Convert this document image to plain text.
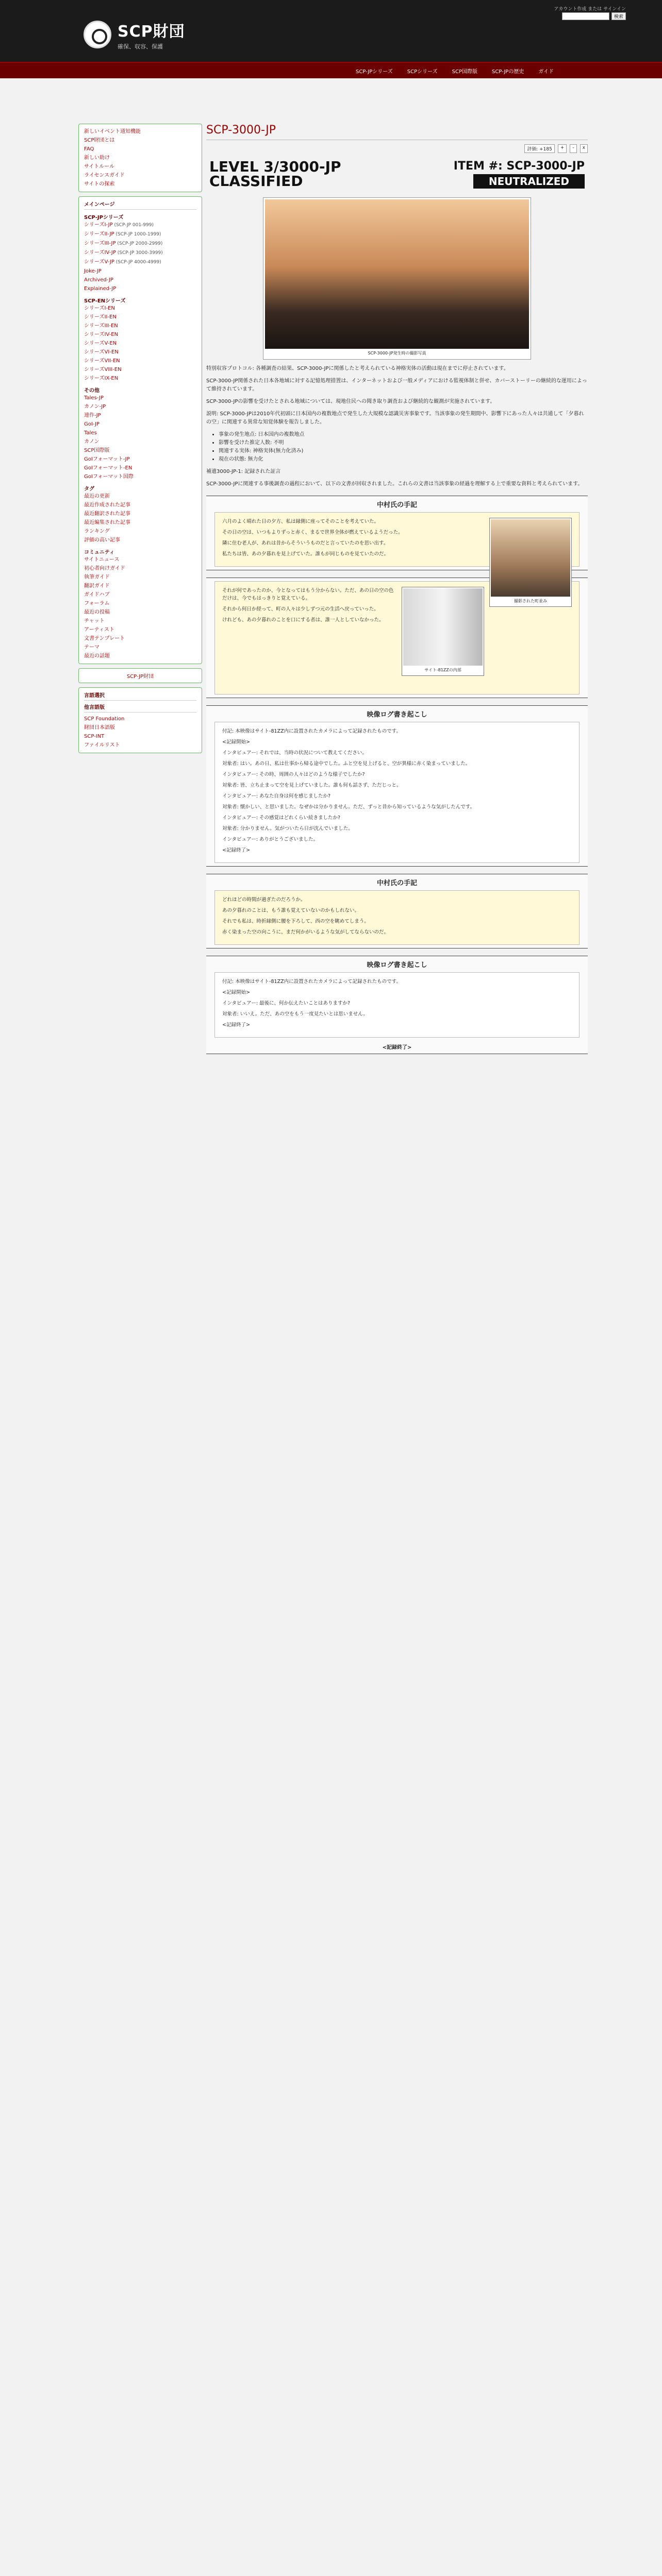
SCP財団
確保、収容、保護
アカウント作成 または サインイン
検索
SCP-JPシリーズ	SCPシリーズ	SCP国際版	SCP-JPの歴史	ガイド
新しいイベント通知機能
SCP財団とは
FAQ
新しい助け
サイトルール
ライセンスガイド
サイトの探索
メインページ
SCP-JPシリーズ
シリーズI-JP (SCP-JP 001-999)
シリーズII-JP (SCP-JP 1000-1999)
シリーズIII-JP (SCP-JP 2000-2999)
シリーズIV-JP (SCP-JP 3000-3999)
シリーズV-JP (SCP-JP 4000-4999)
Joke-JP
Archived-JP
Explained-JP
SCP-ENシリーズ
シリーズI-EN
シリーズII-EN
シリーズIII-EN
シリーズIV-EN
シリーズV-EN
シリーズVI-EN
シリーズVII-EN
シリーズVIII-EN
シリーズIX-EN
その他
Tales-JP
カノン-JP
連作-JP
GoI-JP
Tales
カノン
SCP国際版
GoIフォーマット-JP
GoIフォーマット-EN
GoIフォーマット国際
タグ
最近の更新
最近作成された記事
最近翻訳された記事
最近編集された記事
ランキング
評価の高い記事
コミュニティ
サイトニュース
初心者向けガイド
執筆ガイド
翻訳ガイド
ガイドハブ
フォーラム
最近の投稿
チャット
アーティスト
文書テンプレート
テーマ
最近の話題
SCP-JP財団
言語選択
他言語版
SCP Foundation
財団日本語版
SCP-INT
ファイルリスト
SCP-3000-JP
評価: +185	+	-	x
LEVEL 3/3000-JP
CLASSIFIED
ITEM #: SCP-3000-JP
NEUTRALIZED
SCP-3000-JP発生時の撮影写真

特別収容プロトコル: 各種調査の結果、SCP-3000-JPに関係したと考えられている神格実体の活動は現在までに停止されています。

SCP-3000-JP関係された日本各地域に対する記憶処理措置は、インターネットおよび一般メディアにおける監視体制と併せ、カバーストーリーの継続的な運用によって維持されています。

SCP-3000-JPの影響を受けたとされる地域については、現地住民への聞き取り調査および継続的な観測が実施されています。

説明: SCP-3000-JPは2010年代初頭に日本国内の複数地点で発生した大規模な認識災害事象です。当該事象の発生期間中、影響下にあった人々は共通して「夕暮れの空」に関連する異常な知覚体験を報告しました。

• 事象の発生地点: 日本国内の複数地点
• 影響を受けた推定人数: 不明
• 関連する実体: 神格実体(無力化済み)
• 現在の状態: 無力化

補遺3000-JP-1: 記録された証言

SCP-3000-JPに関連する事後調査の過程において、以下の文書が回収されました。これらの文書は当該事象の経過を理解する上で重要な資料と考えられています。

中村氏の手記
撮影された町並み

六月のよく晴れた日の夕方、私は縁側に座ってそのことを考えていた。

その日の空は、いつもよりずっと赤く、まるで世界全体が燃えているようだった。

隣に住む老人が、あれは昔からそういうものだと言っていたのを思い出す。

私たちは皆、あの夕暮れを見上げていた。誰もが同じものを見ていたのだ。

サイト-81ZZの内部

それが何であったのか、今となってはもう分からない。ただ、あの日の空の色だけは、今でもはっきりと覚えている。

それから何日か経って、町の人々は少しずつ元の生活へ戻っていった。

けれども、あの夕暮れのことを口にする者は、誰一人としていなかった。

映像ログ書き起こし

付記: 本映像はサイト-81ZZ内に設置されたカメラによって記録されたものです。

<記録開始>

インタビュアー: それでは、当時の状況について教えてください。

対象者: はい。あの日、私は仕事から帰る途中でした。ふと空を見上げると、空が異様に赤く染まっていました。

インタビュアー: その時、周囲の人々はどのような様子でしたか?

対象者: 皆、立ち止まって空を見上げていました。誰も何も話さず、ただじっと。

インタビュアー: あなた自身は何を感じましたか?

対象者: 懐かしい、と思いました。なぜかは分かりません。ただ、ずっと昔から知っているような気がしたんです。

インタビュアー: その感覚はどれくらい続きましたか?

対象者: 分かりません。気がついたら日が沈んでいました。

インタビュアー: ありがとうございました。

<記録終了>

中村氏の手記

どれほどの時間が過ぎたのだろうか。

あの夕暮れのことは、もう誰も覚えていないのかもしれない。

それでも私は、時折縁側に腰を下ろして、西の空を眺めてしまう。

赤く染まった空の向こうに、まだ何かがいるような気がしてならないのだ。

映像ログ書き起こし

付記: 本映像はサイト-81ZZ内に設置されたカメラによって記録されたものです。

<記録開始>

インタビュアー: 最後に、何か伝えたいことはありますか?

対象者: いいえ。ただ、あの空をもう一度見たいとは思いません。

<記録終了>

<記録終了>
